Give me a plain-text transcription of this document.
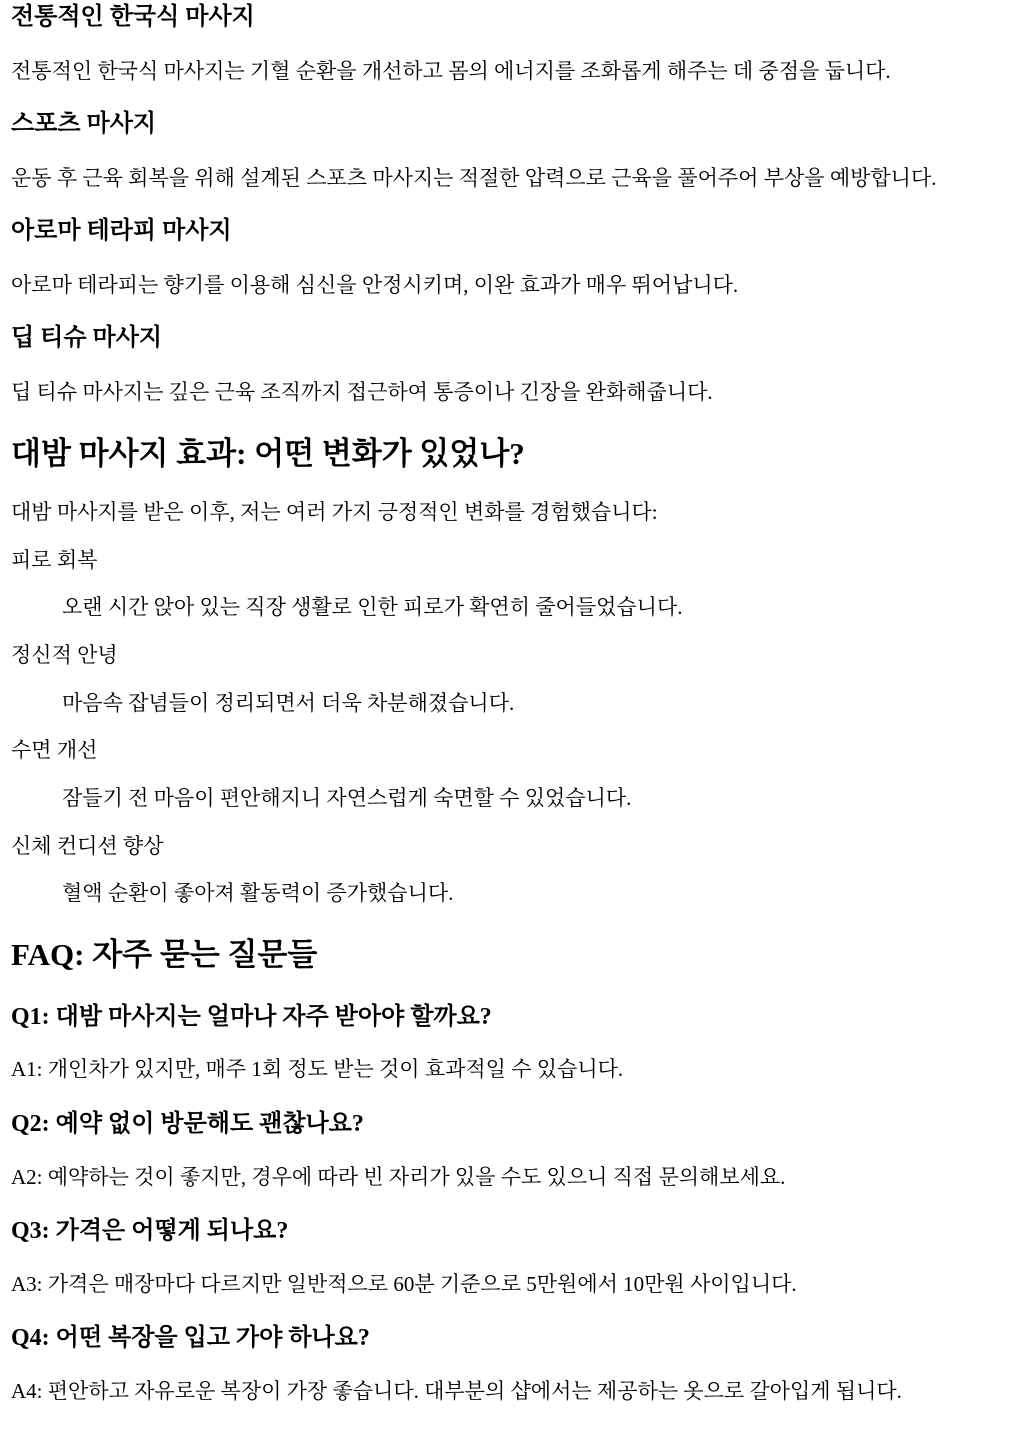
전통적인 한국식 마사지

전통적인 한국식 마사지는 기혈 순환을 개선하고 몸의 에너지를 조화롭게 해주는 데 중점을 둡니다.

스포츠 마사지

운동 후 근육 회복을 위해 설계된 스포츠 마사지는 적절한 압력으로 근육을 풀어주어 부상을 예방합니다.

아로마 테라피 마사지

아로마 테라피는 향기를 이용해 심신을 안정시키며, 이완 효과가 매우 뛰어납니다.

딥 티슈 마사지

딥 티슈 마사지는 깊은 근육 조직까지 접근하여 통증이나 긴장을 완화해줍니다.

대밤 마사지 효과: 어떤 변화가 있었나?

대밤 마사지를 받은 이후, 저는 여러 가지 긍정적인 변화를 경험했습니다:

피로 회복

오랜 시간 앉아 있는 직장 생활로 인한 피로가 확연히 줄어들었습니다.

정신적 안녕

마음속 잡념들이 정리되면서 더욱 차분해졌습니다.

수면 개선

잠들기 전 마음이 편안해지니 자연스럽게 숙면할 수 있었습니다.

신체 컨디션 향상

혈액 순환이 좋아져 활동력이 증가했습니다.

FAQ: 자주 묻는 질문들
Q1: 대밤 마사지는 얼마나 자주 받아야 할까요?

A1: 개인차가 있지만, 매주 1회 정도 받는 것이 효과적일 수 있습니다.

Q2: 예약 없이 방문해도 괜찮나요?

A2: 예약하는 것이 좋지만, 경우에 따라 빈 자리가 있을 수도 있으니 직접 문의해보세요.

Q3: 가격은 어떻게 되나요?

A3: 가격은 매장마다 다르지만 일반적으로 60분 기준으로 5만원에서 10만원 사이입니다.

Q4: 어떤 복장을 입고 가야 하나요?

A4: 편안하고 자유로운 복장이 가장 좋습니다. 대부분의 샵에서는 제공하는 옷으로 갈아입게 됩니다.
